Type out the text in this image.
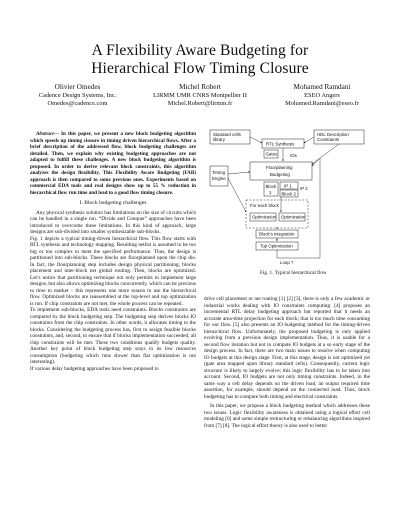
A Flexibility Aware Budgeting for
Hierarchical Flow Timing Closure
Olivier Omedes
Cadence Design Systems, Inc.
Omedes@cadence.com
Michel Robert
LIRMM UMR CNRS Montpellier II
Michel.Robert@lirmm.fr
Mohamed Ramdani
ESEO Angers
Mohamed.Ramdani@eseo.fr

Abstract— In this paper, we present a new block budgeting algorithm which speeds up timing closure in timing driven hierarchical flows. After a brief description of the addressed flow, block budgeting challenges are detailed. Then, we explain why existing budgeting approaches are not adapted to fulfill these challenges. A new block budgeting algorithm is proposed. In order to derive relevant block constraints, this algorithm analyzes the design flexibility. This Flexibility Aware Budgeting (FAB) approach is then compared to some previous ones. Experiments based on commercial EDA tools and real designs show up to 55 % reduction in hierarchical flow run time and lead to a good flow timing closure.

I. Block budgeting challenges

Any physical synthesis solution has limitations on the size of circuits which can be handled in a single run. “Divide and Conquer” approaches have been introduced to overcome these limitations. In this kind of approach, large designs are sub-divided into smaller synthesizable sub-blocks.

Fig. 1 depicts a typical timing-driven hierarchical flow. This flow starts with RTL synthesis and technology mapping. Resulting netlist is assumed to be too big or too complex to meet the specified performance. Thus, the design is partitioned into sub-blocks. These blocks are floorplanned upon the chip die. In fact, the floorplanning step includes design physical partitioning, blocks placement and inter-block net global routing. Then, blocks are optimized. Let’s notice that partitioning technique not only permits to implement large designs, but also allows optimizing blocks concurrently, which can be precious to time to market – this represents one more reason to use the hierarchical flow. Optimized blocks are reassembled at the top-level and top optimization is run. If chip constraints are not met, the whole process can be repeated.

To implement sub-blocks, EDA tools need constraints. Blocks constraints are computed by the block budgeting step. The budgeting step derives blocks IO constraints from the chip constraints. In other words, it allocates timing to the blocks. Considering the budgeting process has, first to assign feasible blocks constraints, and, second, to ensure that if blocks implementation succeeded, all chip constraints will be met. These two conditions qualify budgets quality. Another key point of block budgeting step stays in its low resources consumption (budgeting which runs slower than flat optimization is not interesting).

If various delay budgeting approaches have been proposed to

Standard cells
library
HDL Description
Constraints
RTL Synthesis
Gates	IOs
Timing
Engine
Floorplanning
Budgeting
Block
1
IP 1
Block 2
IP 2
For each block
Optimization Optimization
Block's integration
Top Optimization
Loop ?
Fig. 1. Typical hierarchical flow

drive cell placement or net routing [1] [2] [3], there is only a few academic or industrial works dealing with IO constraints computing. [4] proposes an incremental RTL delay budgeting approach but reported that it needs an accurate area-time projection for each block; that is too much time consuming for our flow. [5] also presents an IO budgeting method for the timing-driven hierarchical flow. Unfortunately, the proposed budgeting is only applied evolving from a previous design implementation. Thus, it is usable for a second flow iteration but not to compute IO budgets at a so early stage of the design process. In fact, there are two main issues to resolve when computing IO budgets at this design stage. First, at this stage, design is not optimized yet (gate area mapped upon library standard cells). Consequently, current logic structure is likely to largely evolve; this logic flexibility has to be taken into account. Second, IO budgets are not only timing constraints. Indeed, in the same way a cell delay depends on the driven load, an output required time assertion, for example, should depend on the connected load. Thus, block budgeting has to compute both timing and electrical constraints.

In this paper, we propose a block budgeting method which addresses these two issues. Logic flexibility awareness is obtained using a logical effort cell modeling [6] and some simple restructuring or rebalancing algorithms inspired from [7] [8]. The logical effort theory is also used to better
